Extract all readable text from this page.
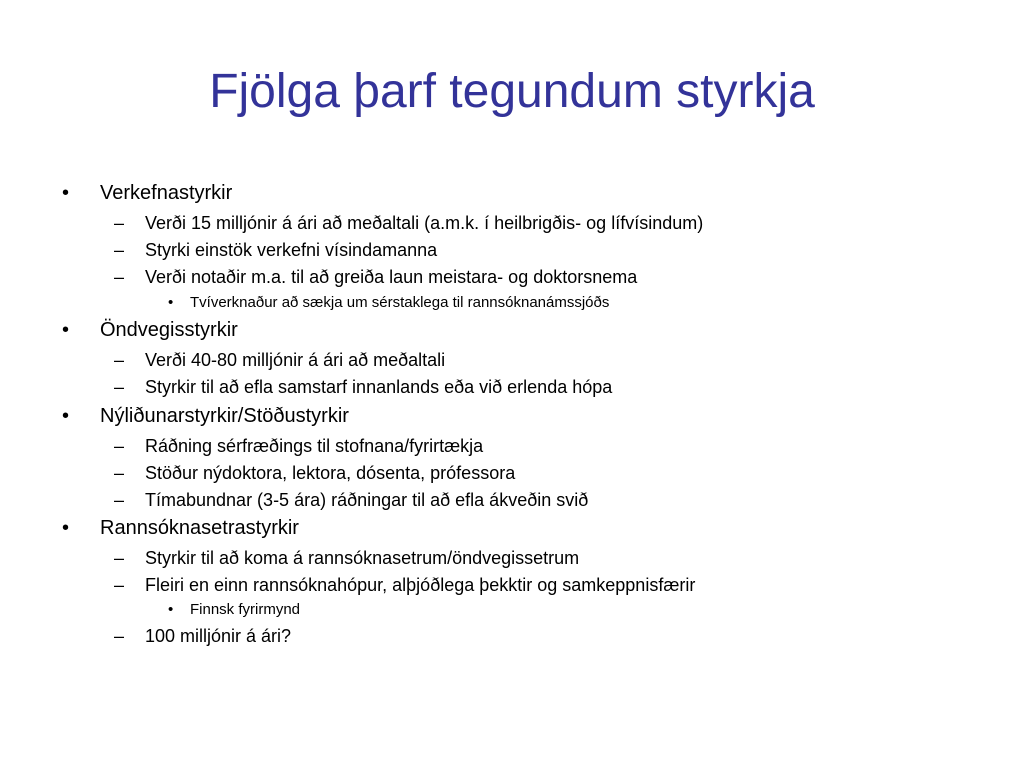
Fjölga þarf tegundum styrkja
• Verkefnastyrkir
– Verði 15 milljónir á ári að meðaltali (a.m.k. í heilbrigðis- og lífvísindum)
– Styrki einstök verkefni vísindamanna
– Verði notaðir m.a. til að greiða laun meistara- og doktorsnema
• Tvíverknaður að sækja um sérstaklega til rannsóknanámssjóðs
• Öndvegisstyrkir
– Verði 40-80 milljónir á ári að meðaltali
– Styrkir til að efla samstarf innanlands eða við erlenda hópa
• Nýliðunarstyrkir/Stöðustyrkir
– Ráðning sérfræðings til stofnana/fyrirtækja
– Stöður nýdoktora, lektora, dósenta, prófessora
– Tímabundnar (3-5 ára) ráðningar til að efla ákveðin svið
• Rannsóknasetrastyrkir
– Styrkir til að koma á rannsóknasetrum/öndvegissetrum
– Fleiri en einn rannsóknahópur, alþjóðlega þekktir og samkeppnisfærir
• Finnsk fyrirmynd
– 100 milljónir á ári?
